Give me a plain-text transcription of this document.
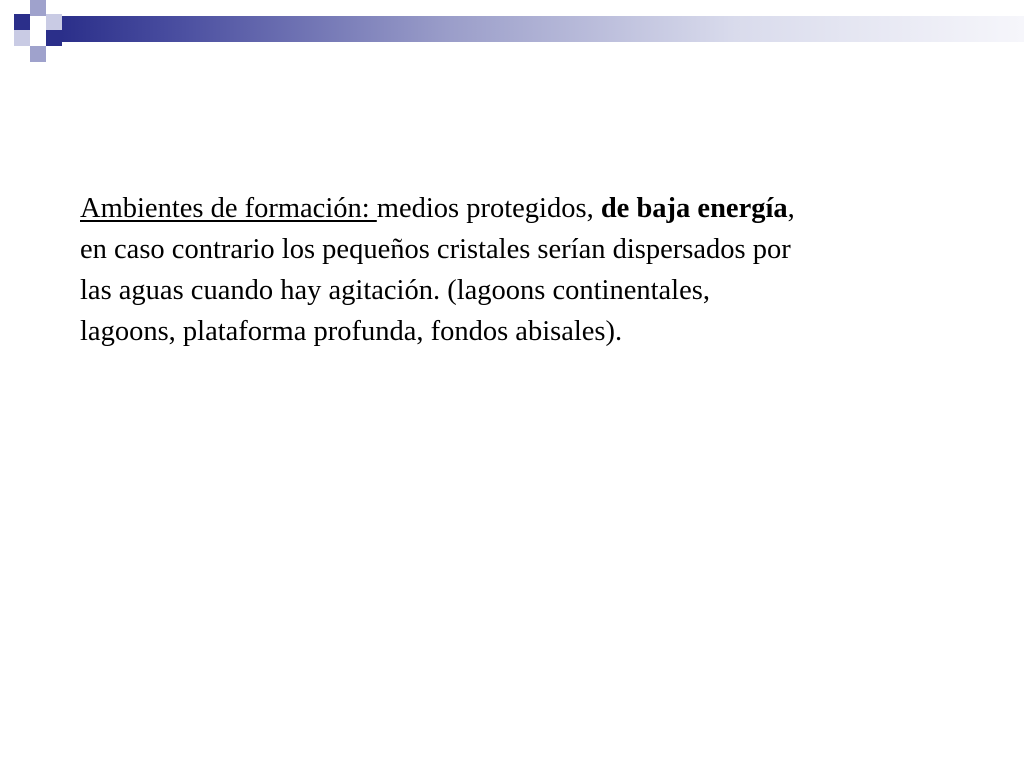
Ambientes de formación: medios protegidos, de baja energía,
en caso contrario los pequeños cristales serían dispersados por
las aguas cuando hay agitación. (lagoons continentales,
lagoons, plataforma profunda, fondos abisales).
